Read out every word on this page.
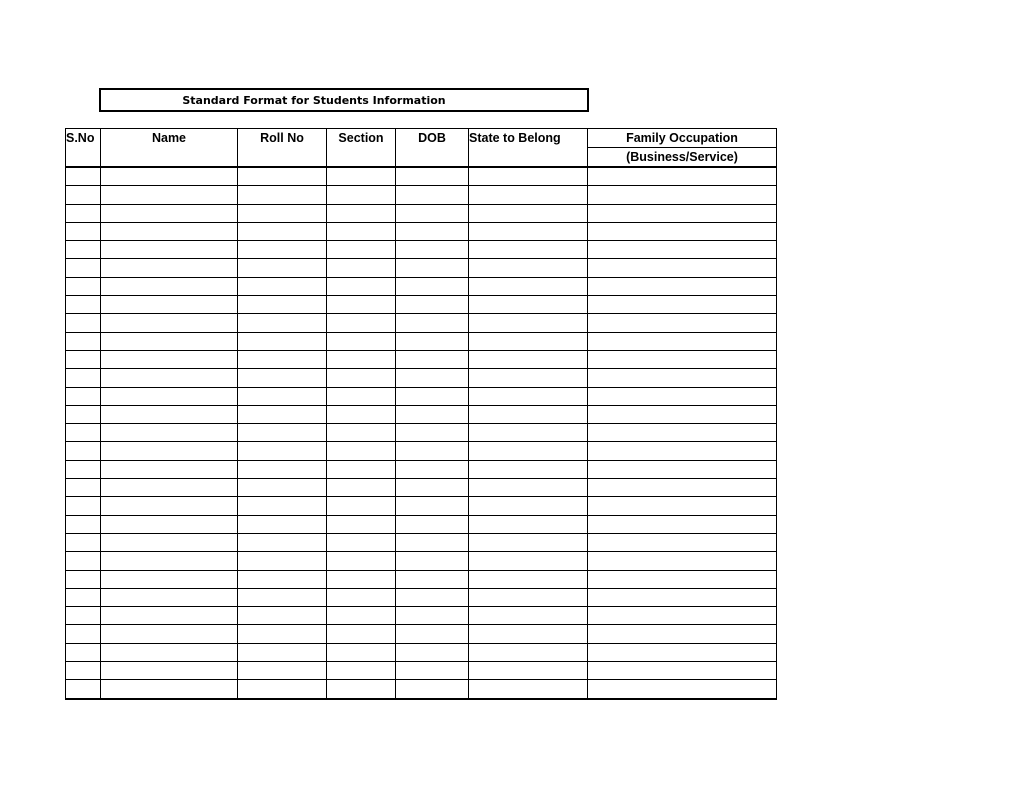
Standard Format for Students Information
S.No	Name	Roll No	Section	DOB	State to Belong	Family Occupation
						(Business/Service)
